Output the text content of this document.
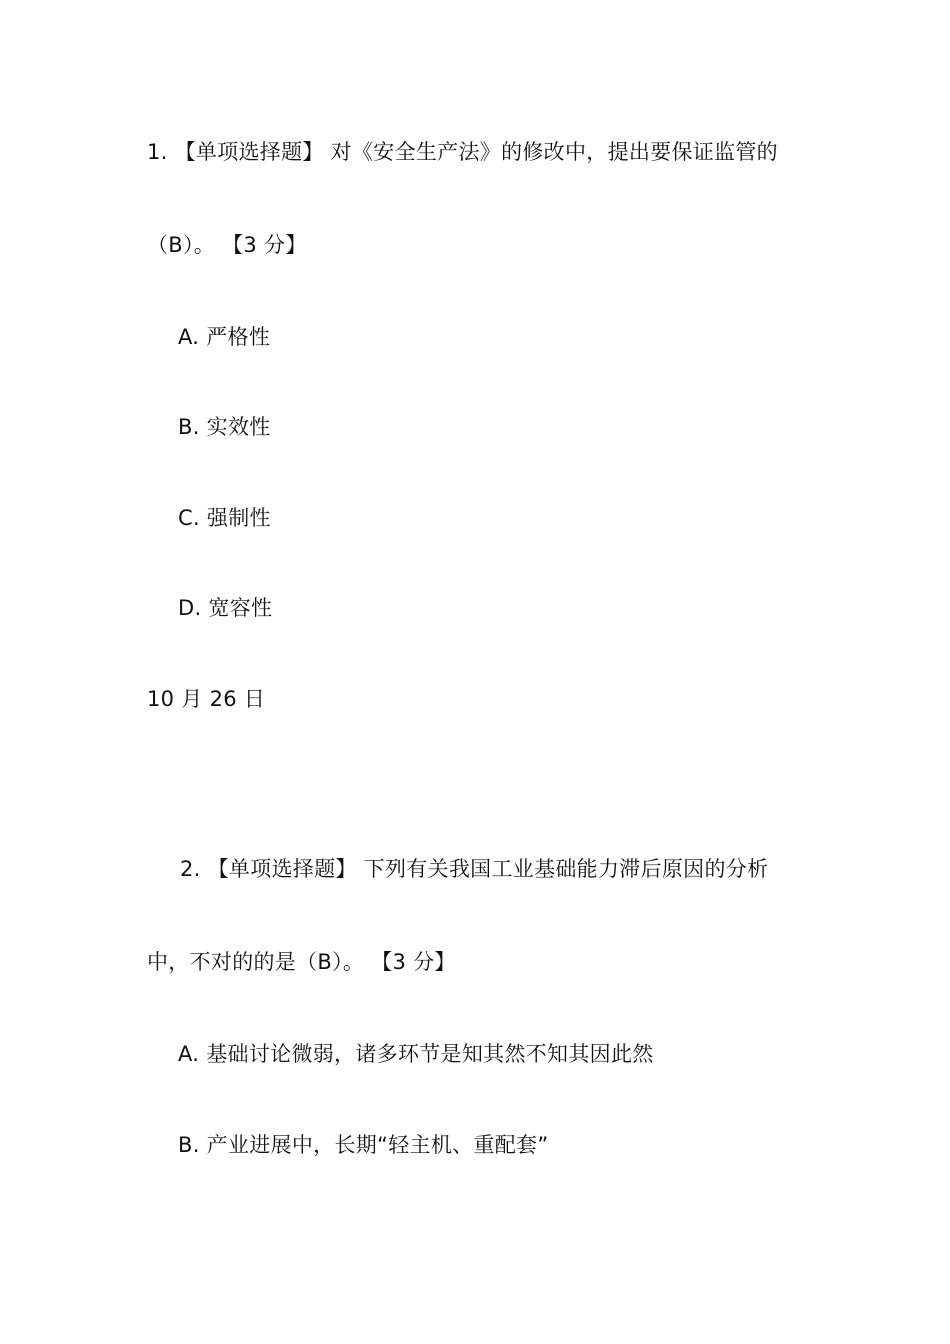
1. 【单项选择题】 对《安全生产法》的修改中，提出要保证监管的
（B）。 【3 分】
A. 严格性
B. 实效性
C. 强制性
D. 宽容性
10 月 26 日
2. 【单项选择题】 下列有关我国工业基础能力滞后原因的分析
中，不对的的是（B）。 【3 分】
A. 基础讨论微弱，诸多环节是知其然不知其因此然
B. 产业进展中，长期“轻主机、重配套”
